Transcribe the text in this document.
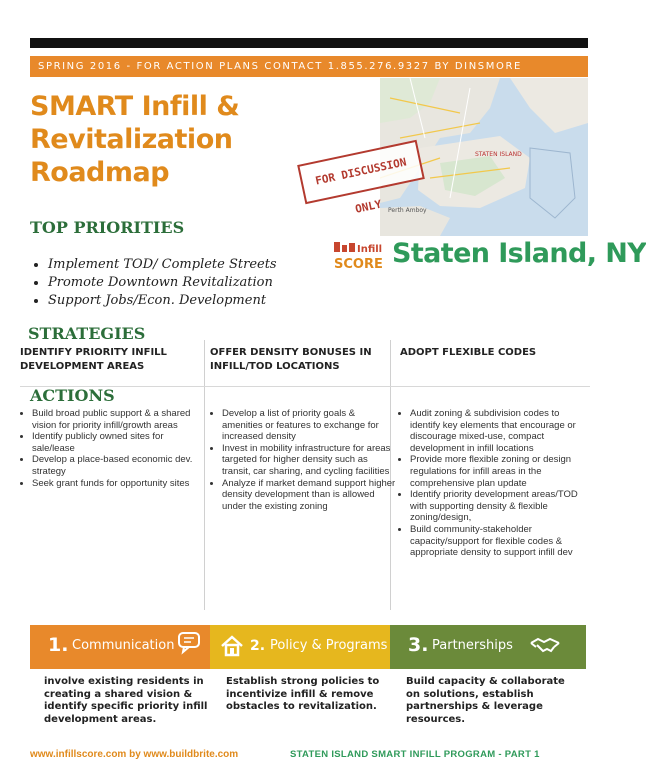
SPRING 2016 - FOR ACTION PLANS CONTACT 1.855.276.9327 BY DINSMORE
SMART Infill & Revitalization
Roadmap
STATEN ISLAND
Perth Amboy
FOR DISCUSSION ONLY
TOP PRIORITIES
• Implement TOD/ Complete Streets
• Promote Downtown Revitalization
• Support Jobs/Econ. Development
Infill
SCORE Staten Island, NY
STRATEGIES
IDENTIFY PRIORITY INFILL DEVELOPMENT AREAS
OFFER DENSITY BONUSES IN INFILL/TOD LOCATIONS
ADOPT FLEXIBLE CODES
ACTIONS
• Build broad public support & a shared vision for priority infill/growth areas
• Identify publicly owned sites for sale/lease
• Develop a place-based economic dev. strategy
• Seek grant funds for opportunity sites
• Develop a list of priority goals & amenities or features to exchange for increased density
• Invest in mobility infrastructure for areas targeted for higher density such as transit, car sharing, and cycling facilities
• Analyze if market demand support higher density development than is allowed under the existing zoning
• Audit zoning & subdivision codes to identify key elements that encourage or discourage mixed-use, compact development in infill locations
• Provide more flexible zoning or design regulations for infill areas in the comprehensive plan update
• Identify priority development areas/TOD with supporting density & flexible zoning/design,
• Build community-stakeholder capacity/support for flexible codes & appropriate density to support infill dev
1. Communication	2. Policy & Programs 3. Partnerships
involve existing residents in creating a shared vision & identify specific priority infill development areas.
Establish strong policies to incentivize infill & remove obstacles to revitalization.
Build capacity & collaborate on solutions, establish partnerships & leverage resources.
www.infillscore.com by www.buildbrite.com	STATEN ISLAND SMART INFILL PROGRAM - PART 1
